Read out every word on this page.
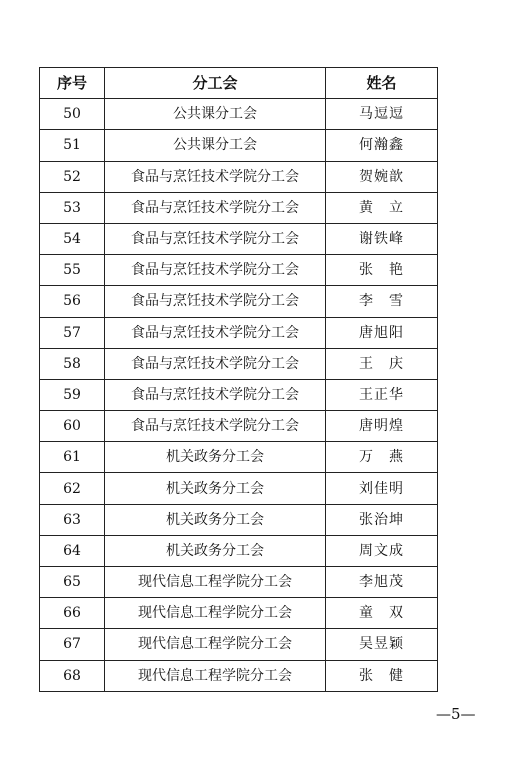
序号	分工会	姓名
50	公共课分工会	马逗逗
51	公共课分工会	何瀚鑫
52	食品与烹饪技术学院分工会	贺婉歆
53	食品与烹饪技术学院分工会	黄　立
54	食品与烹饪技术学院分工会	谢铁峰
55	食品与烹饪技术学院分工会	张　艳
56	食品与烹饪技术学院分工会	李　雪
57	食品与烹饪技术学院分工会	唐旭阳
58	食品与烹饪技术学院分工会	王　庆
59	食品与烹饪技术学院分工会	王正华
60	食品与烹饪技术学院分工会	唐明煌
61	机关政务分工会	万　燕
62	机关政务分工会	刘佳明
63	机关政务分工会	张治坤
64	机关政务分工会	周文成
65	现代信息工程学院分工会	李旭茂
66	现代信息工程学院分工会	童　双
67	现代信息工程学院分工会	吴昱颖
68	现代信息工程学院分工会	张　健
—5—
